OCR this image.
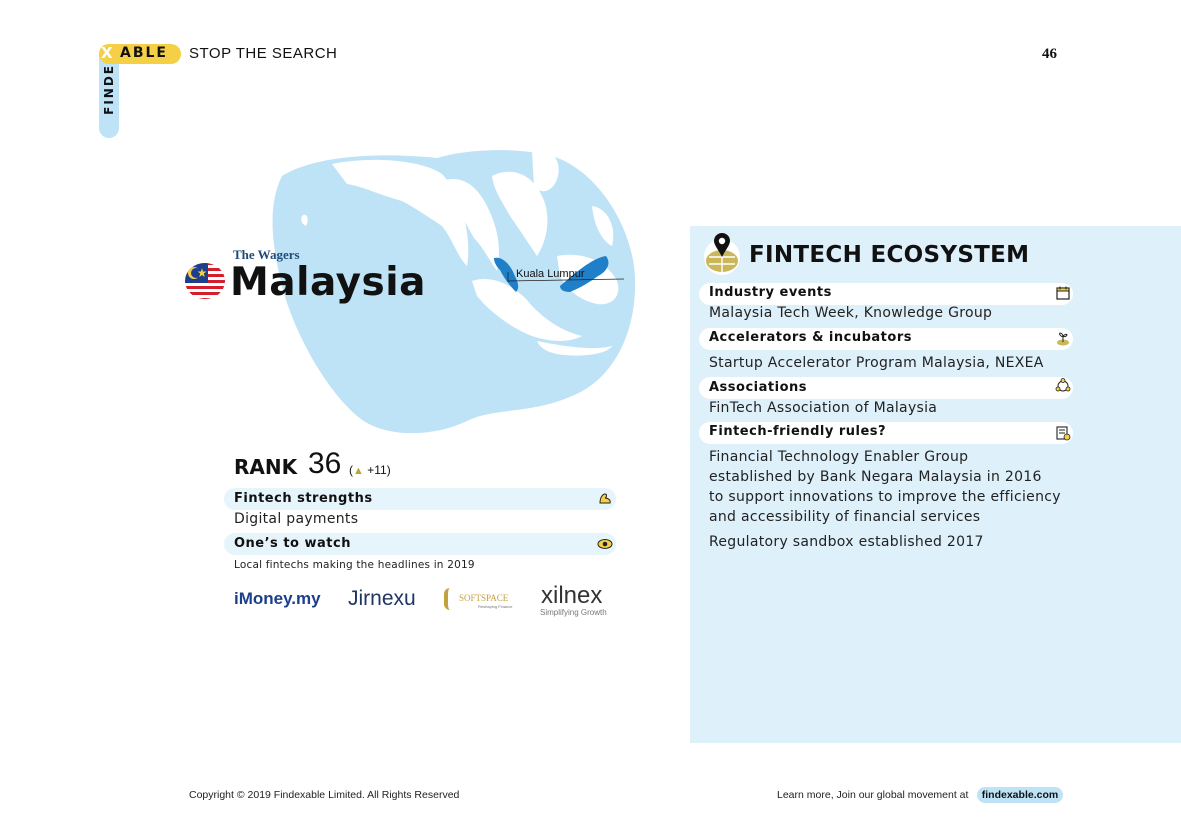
X ABLE
FINDE
STOP THE SEARCH	46
Kuala Lumpur
The Wagers
Malaysia
RANK 36 (▲ +11)
Fintech strengths
Digital payments
One’s to watch
Local fintechs making the headlines in 2019
iMoney.my Jirnexu	SOFTSPACE
Reshaping Finance xilnex
Simplifying Growth
FINTECH ECOSYSTEM
Industry events
Malaysia Tech Week, Knowledge Group
Accelerators & incubators
Startup Accelerator Program Malaysia, NEXEA
Associations
FinTech Association of Malaysia
Fintech-friendly rules?
Financial Technology Enabler Group
established by Bank Negara Malaysia in 2016
to support innovations to improve the efficiency
and accessibility of financial services
Regulatory sandbox established 2017
Copyright © 2019 Findexable Limited. All Rights Reserved	Learn more, Join our global movement at	findexable.com
